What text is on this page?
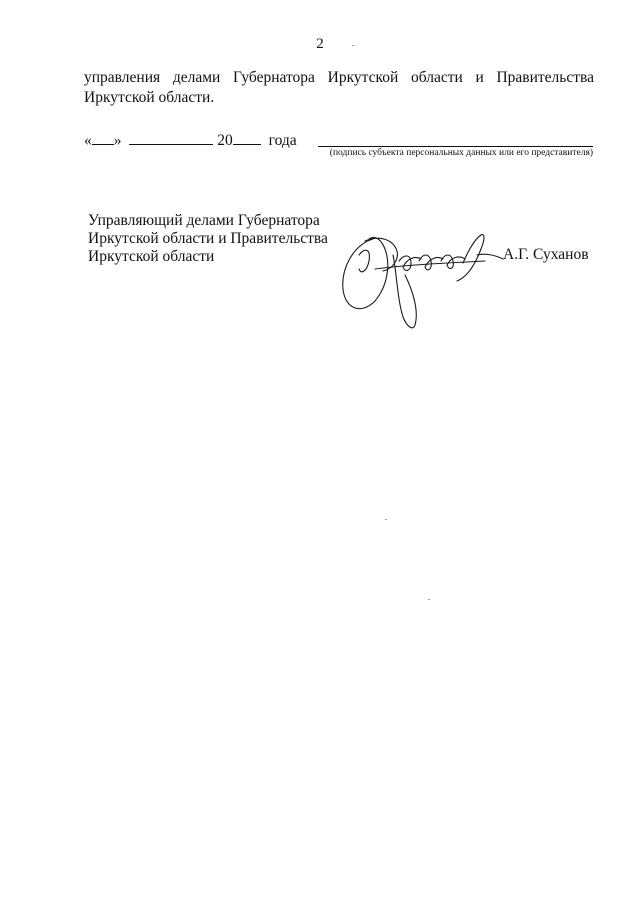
2
управления делами Губернатора Иркутской области и Правительства Иркутской области.
« »	20 года
(подпись субъекта персональных данных или его представителя)
Управляющий делами Губернатора
Иркутской области и Правительства
Иркутской области	А.Г. Суханов
